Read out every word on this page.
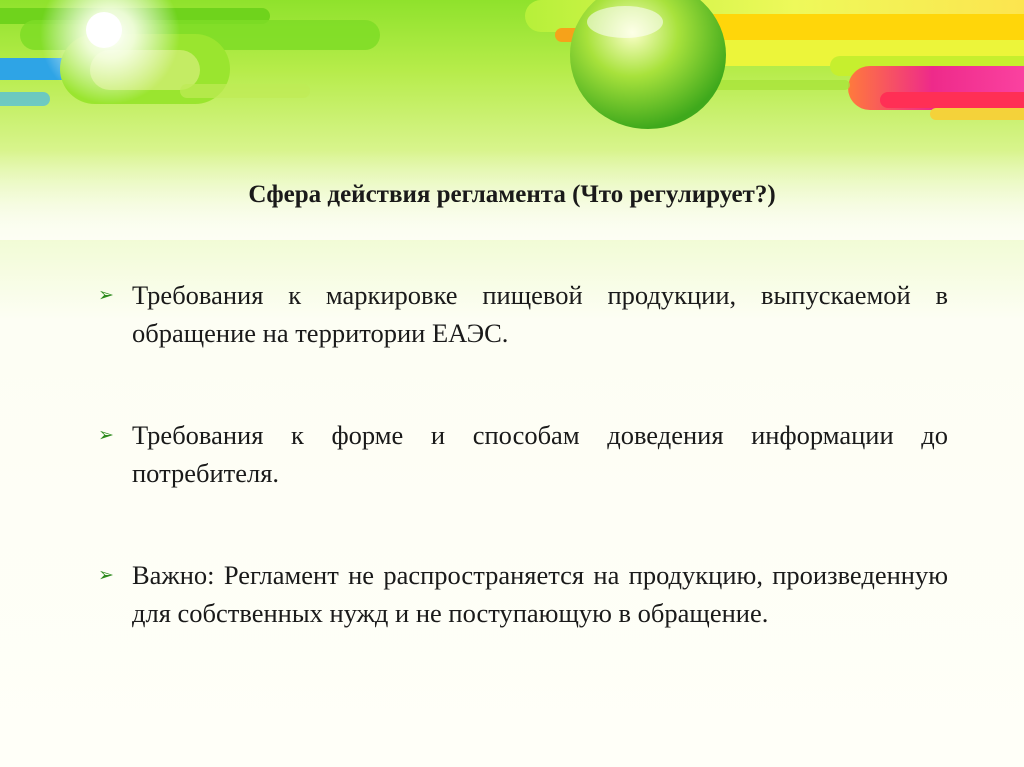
Сфера действия регламента (Что регулирует?)
➢ Требования к маркировке пищевой продукции, выпускаемой в обращение на территории ЕАЭС.
➢ Требования к форме и способам доведения информации до потребителя.
➢ Важно: Регламент не распространяется на продукцию, произведенную для собственных нужд и не поступающую в обращение.
